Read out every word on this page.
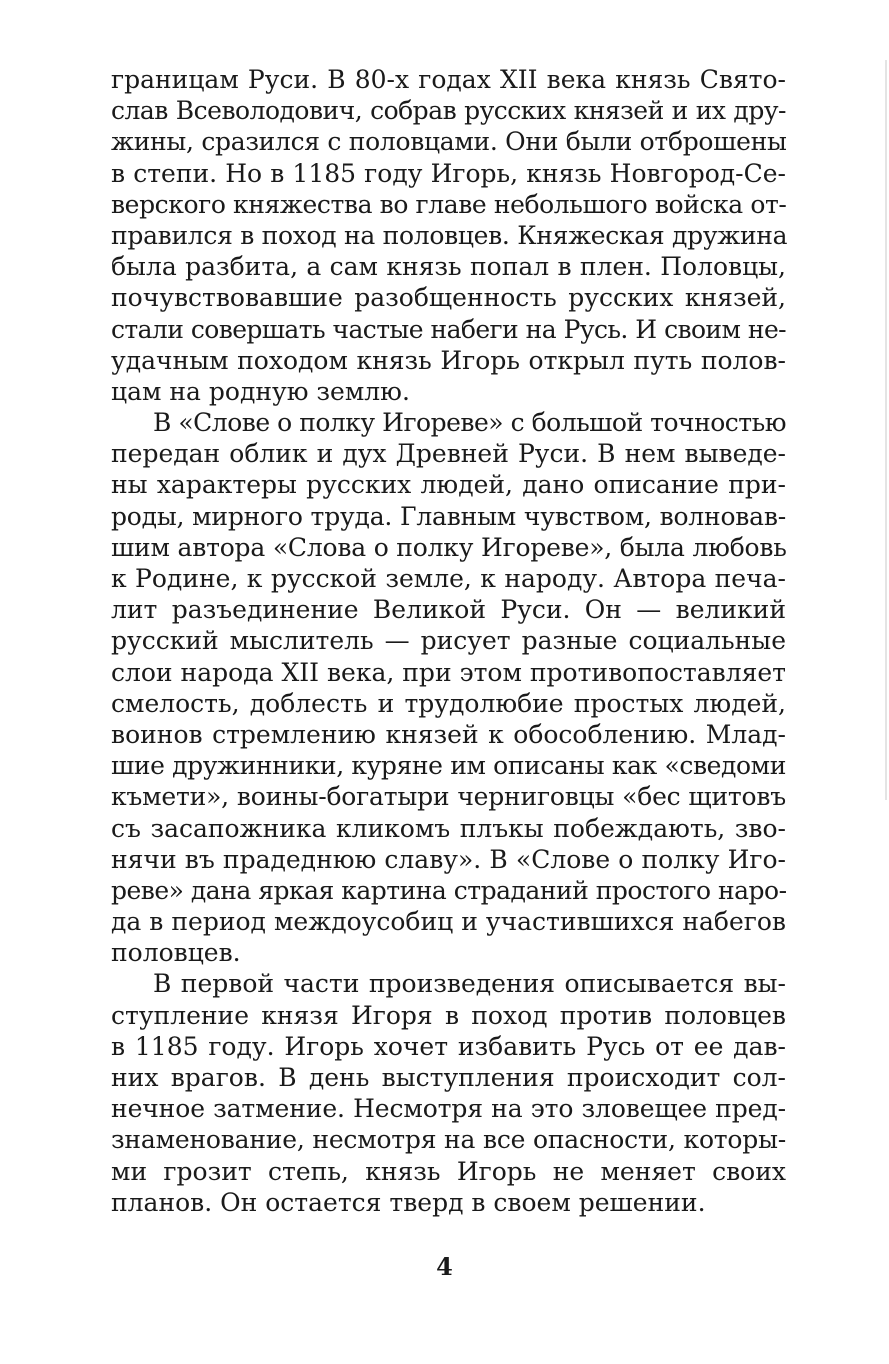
границам Руси. В 80-х годах XII века князь Свято-
слав Всеволодович, собрав русских князей и их дру-
жины, сразился с половцами. Они были отброшены
в степи. Но в 1185 году Игорь, князь Новгород-Се-
верского княжества во главе небольшого войска от-
правился в поход на половцев. Княжеская дружина
была разбита, а сам князь попал в плен. Половцы,
почувствовавшие разобщенность русских князей,
стали совершать частые набеги на Русь. И своим не-
удачным походом князь Игорь открыл путь полов-
цам на родную землю.
В «Слове о полку Игореве» с большой точностью
передан облик и дух Древней Руси. В нем выведе-
ны характеры русских людей, дано описание при-
роды, мирного труда. Главным чувством, волновав-
шим автора «Слова о полку Игореве», была любовь
к Родине, к русской земле, к народу. Автора печа-
лит разъединение Великой Руси. Он — великий
русский мыслитель — рисует разные социальные
слои народа XII века, при этом противопоставляет
смелость, доблесть и трудолюбие простых людей,
воинов стремлению князей к обособлению. Млад-
шие дружинники, куряне им описаны как «сведоми
къмети», воины-богатыри черниговцы «бес щитовъ
съ засапожника кликомъ плъкы побеждають, зво-
нячи въ прадеднюю славу». В «Слове о полку Иго-
реве» дана яркая картина страданий простого наро-
да в период междоусобиц и участившихся набегов
половцев.
В первой части произведения описывается вы-
ступление князя Игоря в поход против половцев
в 1185 году. Игорь хочет избавить Русь от ее дав-
них врагов. В день выступления происходит сол-
нечное затмение. Несмотря на это зловещее пред-
знаменование, несмотря на все опасности, которы-
ми грозит степь, князь Игорь не меняет своих
планов. Он остается тверд в своем решении.
4
